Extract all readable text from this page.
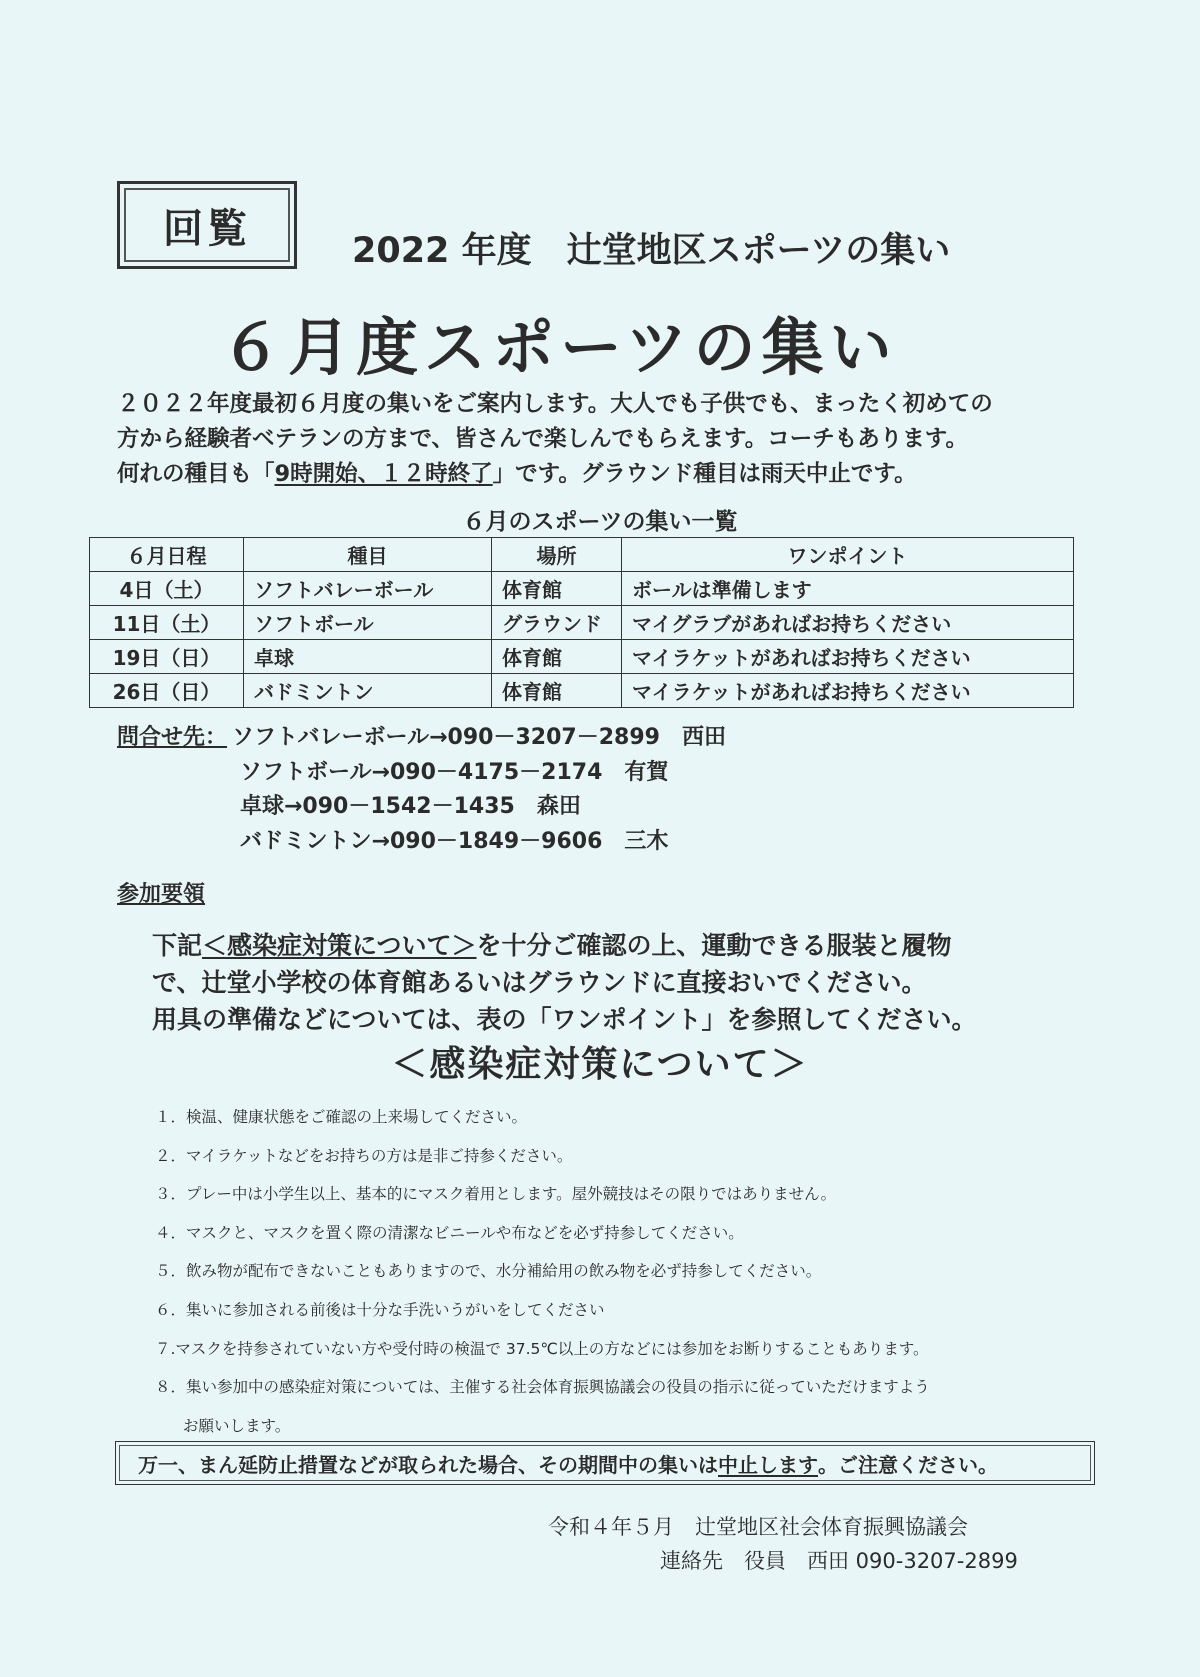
回覧	2022 年度　辻堂地区スポーツの集い
６月度スポーツの集い

２０２２年度最初６月度の集いをご案内します。大人でも子供でも、まったく初めての

方から経験者ベテランの方まで、皆さんで楽しんでもらえます。コーチもあります。

何れの種目も「9時開始、１２時終了」です。グラウンド種目は雨天中止です。

６月のスポーツの集い一覧
６月日程	種目	場所	ワンポイント
4日（土）	ソフトバレーボール	体育館	ボールは準備します
11日（土）	ソフトボール	グラウンド	マイグラブがあればお持ちください
19日（日）	卓球	体育館	マイラケットがあればお持ちください
26日（日）	バドミントン	体育館	マイラケットがあればお持ちください
問合せ先： ソフトバレーボール→090－3207－2899　西田
ソフトボール→090－4175－2174　有賀
卓球→090－1542－1435　森田
バドミントン→090－1849－9606　三木
参加要領

下記＜感染症対策について＞を十分ご確認の上、運動できる服装と履物

で、辻堂小学校の体育館あるいはグラウンドに直接おいでください。

用具の準備などについては、表の「ワンポイント」を参照してください。

＜感染症対策について＞
１．検温、健康状態をご確認の上来場してください。
２．マイラケットなどをお持ちの方は是非ご持参ください。
３．プレー中は小学生以上、基本的にマスク着用とします。屋外競技はその限りではありません。
４．マスクと、マスクを置く際の清潔なビニールや布などを必ず持参してください。
５．飲み物が配布できないこともありますので、水分補給用の飲み物を必ず持参してください。
６．集いに参加される前後は十分な手洗いうがいをしてください
７.マスクを持参されていない方や受付時の検温で 37.5℃以上の方などには参加をお断りすることもあります。
８．集い参加中の感染症対策については、主催する社会体育振興協議会の役員の指示に従っていただけますよう
お願いします。
万一、まん延防止措置などが取られた場合、その期間中の集いは 中止します 。ご注意ください。
令和４年５月　辻堂地区社会体育振興協議会
連絡先　役員　西田 090-3207-2899
